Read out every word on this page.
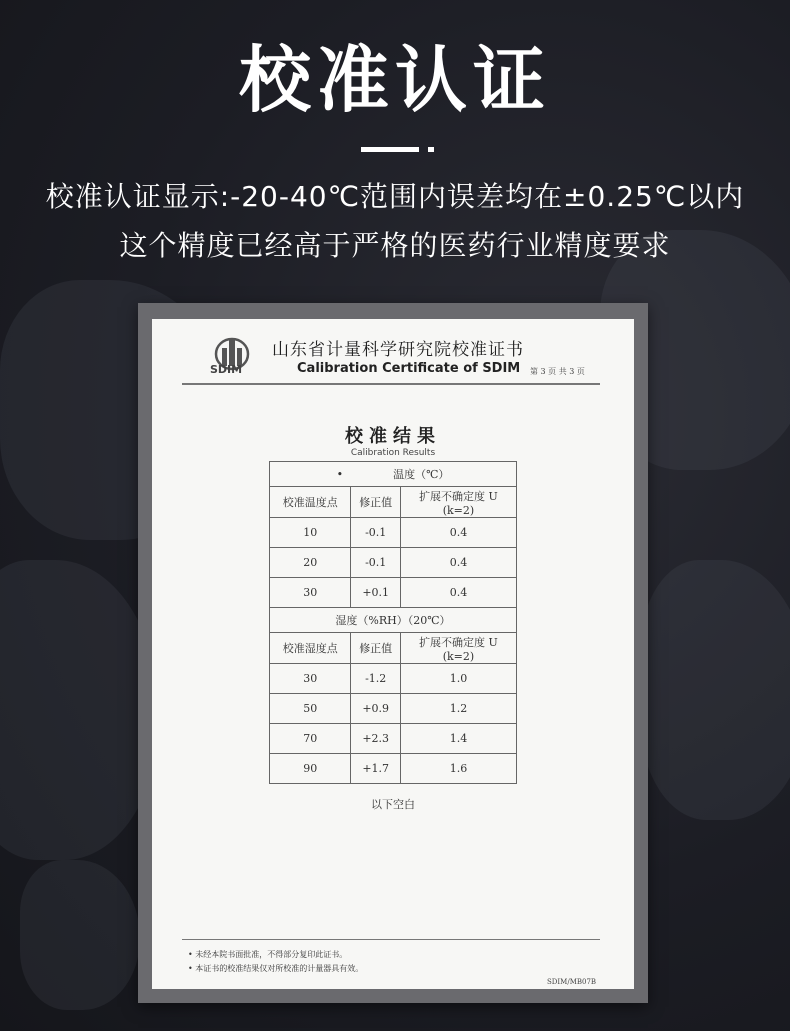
校准认证
校准认证显示:-20-40℃范围内误差均在±0.25℃以内
这个精度已经高于严格的医药行业精度要求
SDIM
山东省计量科学研究院校准证书
Calibration Certificate of SDIM 第 3 页 共 3 页
校准结果
Calibration Results
• 温度（℃）		
校准温度点	修正值	扩展不确定度 U
(k=2)

10	-0.1	0.4
20	-0.1	0.4
30	+0.1	0.4
湿度（%RH）（20℃）		
校准湿度点	修正值	扩展不确定度 U
(k=2)

30	-1.2	1.0
50	+0.9	1.2
70	+2.3	1.4
90	+1.7	1.6
以下空白
• 未经本院书面批准，不得部分复印此证书。
• 本证书的校准结果仅对所校准的计量器具有效。
SDIM/MB07B
